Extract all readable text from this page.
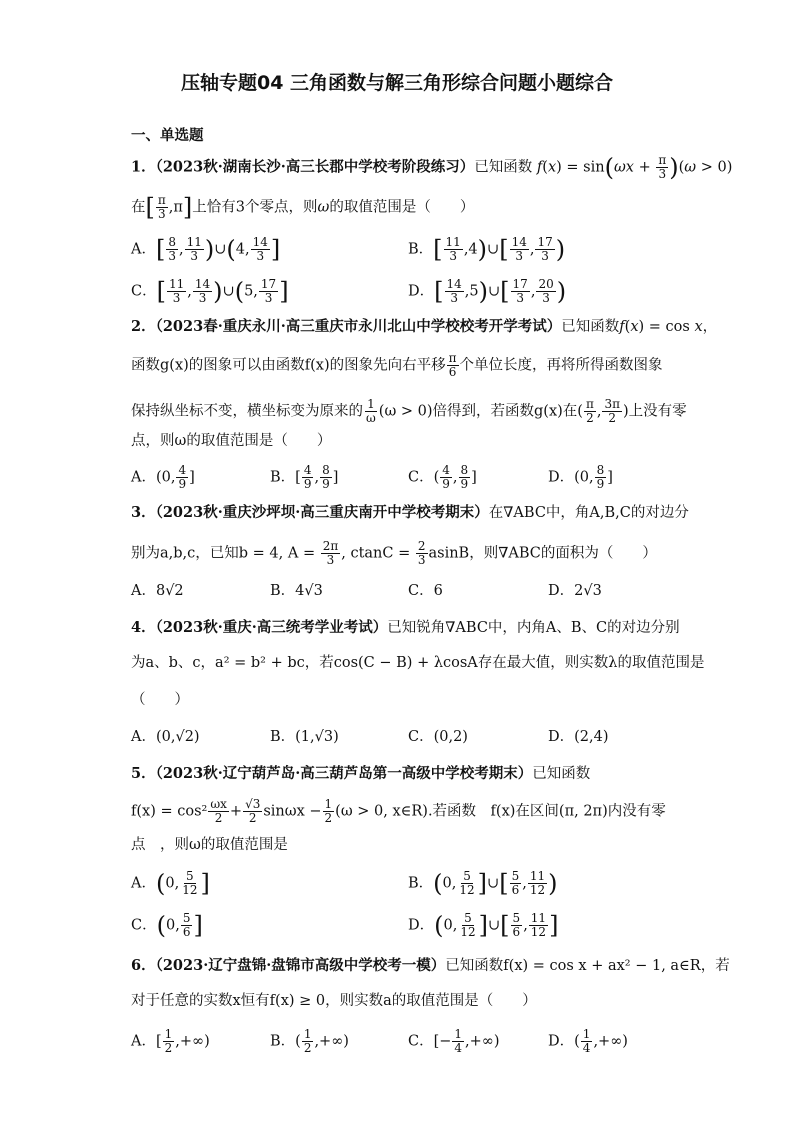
压轴专题04 三角函数与解三角形综合问题小题综合
一、单选题
1．（2023秋·湖南长沙·高三长郡中学校考阶段练习）已知函数 $f(x) = \sin(\omega x + \frac{\pi}{3} )(\omega > 0)$
在[ $\frac{\pi}{3} ,\pi$]上恰有3个零点，则ω的取值范围是（　　）
A．[ $\frac{8}{3}$ , $\frac{11}{3}$ )∪(4, $\frac{14}{3}$ ]	B．[ $\frac{11}{3}$ ,4)∪[ $\frac{14}{3}$ , $\frac{17}{3}$ )
C．[ $\frac{11}{3}$ , $\frac{14}{3}$ )∪(5, $\frac{17}{3}$ ]	D．[ $\frac{14}{3}$ ,5)∪[ $\frac{17}{3}$ , $\frac{20}{3}$ )
2．（2023春·重庆永川·高三重庆市永川北山中学校校考开学考试）已知函数f(x) = cos x，
函数g(x)的图象可以由函数f(x)的图象先向右平移 $\frac{\pi}{6}$ 个单位长度，再将所得函数图象
保持纵坐标不变，横坐标变为原来的 $\frac{1}{\omega} (\omega > 0)$倍得到，若函数g(x)在( $\frac{\pi}{2}$ , $\frac{3\pi}{2}$ )上没有零
点，则ω的取值范围是（　　）
A．(0, $\frac{4}{9}$ ]	B．[ $\frac{4}{9}$ , $\frac{8}{9}$ ]	C．( $\frac{4}{9}$ , $\frac{8}{9}$ ]	D．(0, $\frac{8}{9}$ ]
3．（2023秋·重庆沙坪坝·高三重庆南开中学校考期末）在∇ABC中，角A,B,C的对边分
别为a,b,c，已知b = 4, $A = \frac{2\pi}{3}$ , $ctanC = \frac{2}{3}$ asinB，则∇ABC的面积为（　　）
A．8√2	B．4√3	C．6	D．2√3
4．（2023秋·重庆·高三统考学业考试）已知锐角∇ABC中，内角A、B、C的对边分别
为a、b、c，a² = b² + bc，若cos(C − B) + λcosA存在最大值，则实数λ的取值范围是
（　　）
A．(0,√2)	B．(1,√3)	C．(0,2)	D．(2,4)
5．（2023秋·辽宁葫芦岛·高三葫芦岛第一高级中学校考期末）已知函数
$f(x) = \cos^2 \frac{\omega x}{2} + \frac{√3}{2}$ $\sin\omega x - \frac{1}{2} (\omega > 0$, x∈R).若函数　f(x)在区间(π, 2π)内没有零
点　，则ω的取值范围是
A．(0, $\frac{5}{12}$ ]	B．(0, $\frac{5}{12}$ ]∪[ $\frac{5}{6}$ , $\frac{11}{12}$ )
C．(0, $\frac{5}{6}$ ]	D．(0, $\frac{5}{12}$ ]∪[ $\frac{5}{6}$ , $\frac{11}{12}$ ]
6．（2023·辽宁盘锦·盘锦市高级中学校考一模）已知函数f(x) = cos x + ax² − 1, a∈R，若
对于任意的实数x恒有f(x) ≥ 0，则实数a的取值范围是（　　）
A．[ $\frac{1}{2}$ ,+∞)	B．( $\frac{1}{2}$ ,+∞)	C．[− $\frac{1}{4}$ ,+∞)	D．( $\frac{1}{4}$ ,+∞)
